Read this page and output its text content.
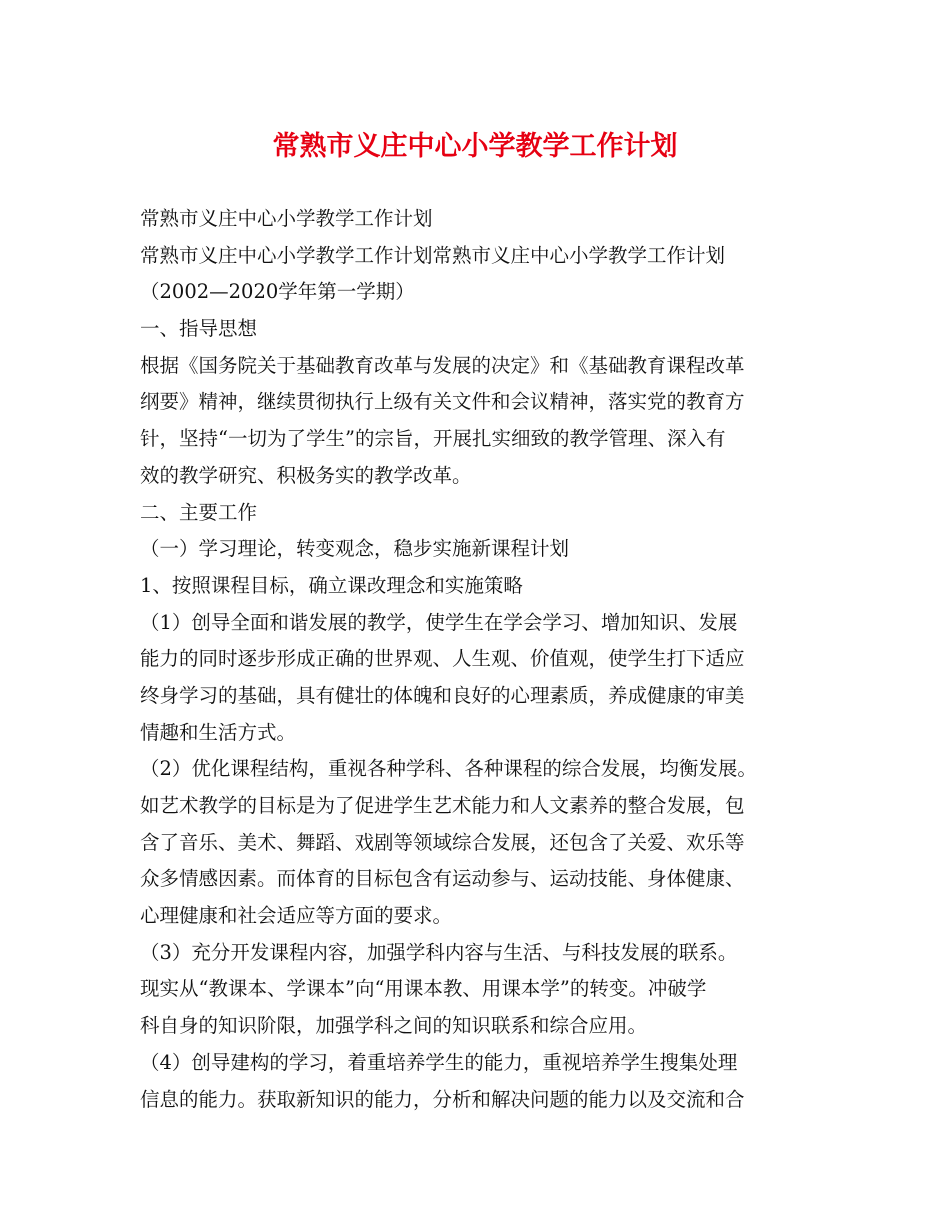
常熟市义庄中心小学教学工作计划
常熟市义庄中心小学教学工作计划
常熟市义庄中心小学教学工作计划常熟市义庄中心小学教学工作计划
（2002—2020学年第一学期）
一、指导思想
根据《国务院关于基础教育改革与发展的决定》和《基础教育课程改革
纲要》精神，继续贯彻执行上级有关文件和会议精神，落实党的教育方
针，坚持“一切为了学生”的宗旨，开展扎实细致的教学管理、深入有
效的教学研究、积极务实的教学改革。
二、主要工作
（一）学习理论，转变观念，稳步实施新课程计划
1、按照课程目标，确立课改理念和实施策略
（1）创导全面和谐发展的教学，使学生在学会学习、增加知识、发展
能力的同时逐步形成正确的世界观、人生观、价值观，使学生打下适应
终身学习的基础，具有健壮的体魄和良好的心理素质，养成健康的审美
情趣和生活方式。
（2）优化课程结构，重视各种学科、各种课程的综合发展，均衡发展。
如艺术教学的目标是为了促进学生艺术能力和人文素养的整合发展，包
含了音乐、美术、舞蹈、戏剧等领域综合发展，还包含了关爱、欢乐等
众多情感因素。而体育的目标包含有运动参与、运动技能、身体健康、
心理健康和社会适应等方面的要求。
（3）充分开发课程内容，加强学科内容与生活、与科技发展的联系。
现实从“教课本、学课本”向“用课本教、用课本学”的转变。冲破学
科自身的知识阶限，加强学科之间的知识联系和综合应用。
（4）创导建构的学习，着重培养学生的能力，重视培养学生搜集处理
信息的能力。获取新知识的能力，分析和解决问题的能力以及交流和合
